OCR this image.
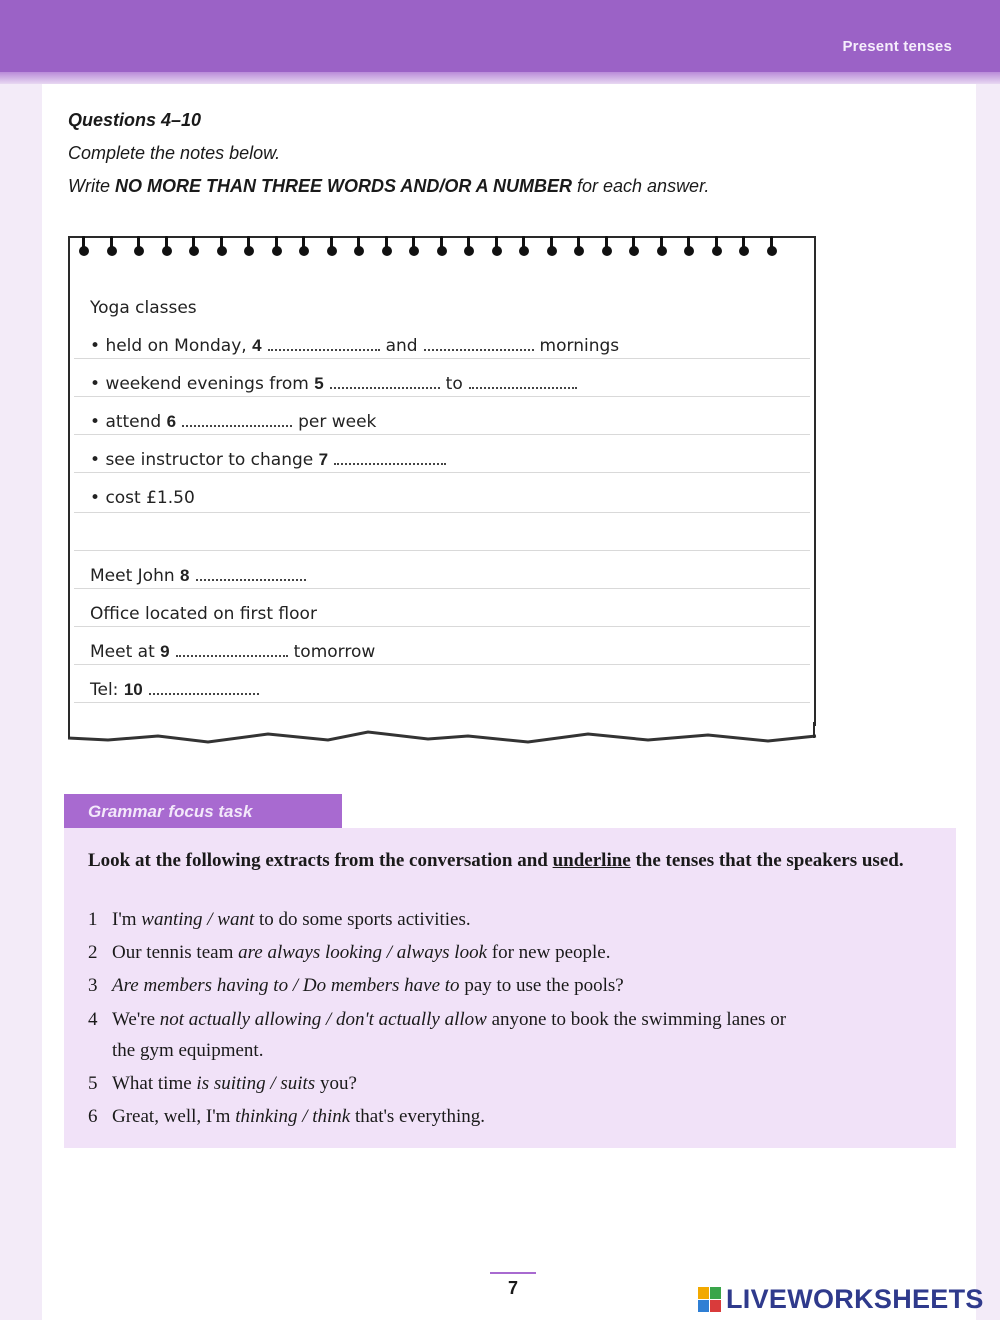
Present tenses
Questions 4–10
Complete the notes below.
Write NO MORE THAN THREE WORDS AND/OR A NUMBER for each answer.
Yoga classes
• held on Monday, 4	and	mornings
• weekend evenings from 5	to
• attend 6	per week
• see instructor to change 7
• cost £1.50
Meet John 8
Office located on first floor
Meet at 9	tomorrow
Tel: 10
Grammar focus task
Look at the following extracts from the conversation and underline the tenses that the speakers used.
1 I'm wanting / want to do some sports activities.
2 Our tennis team are always looking / always look for new people.
3 Are members having to / Do members have to pay to use the pools?
4 We're not actually allowing / don't actually allow anyone to book the swimming lanes or
the gym equipment.
5 What time is suiting / suits you?
6 Great, well, I'm thinking / think that's everything.
7	LIVEWORKSHEETS
